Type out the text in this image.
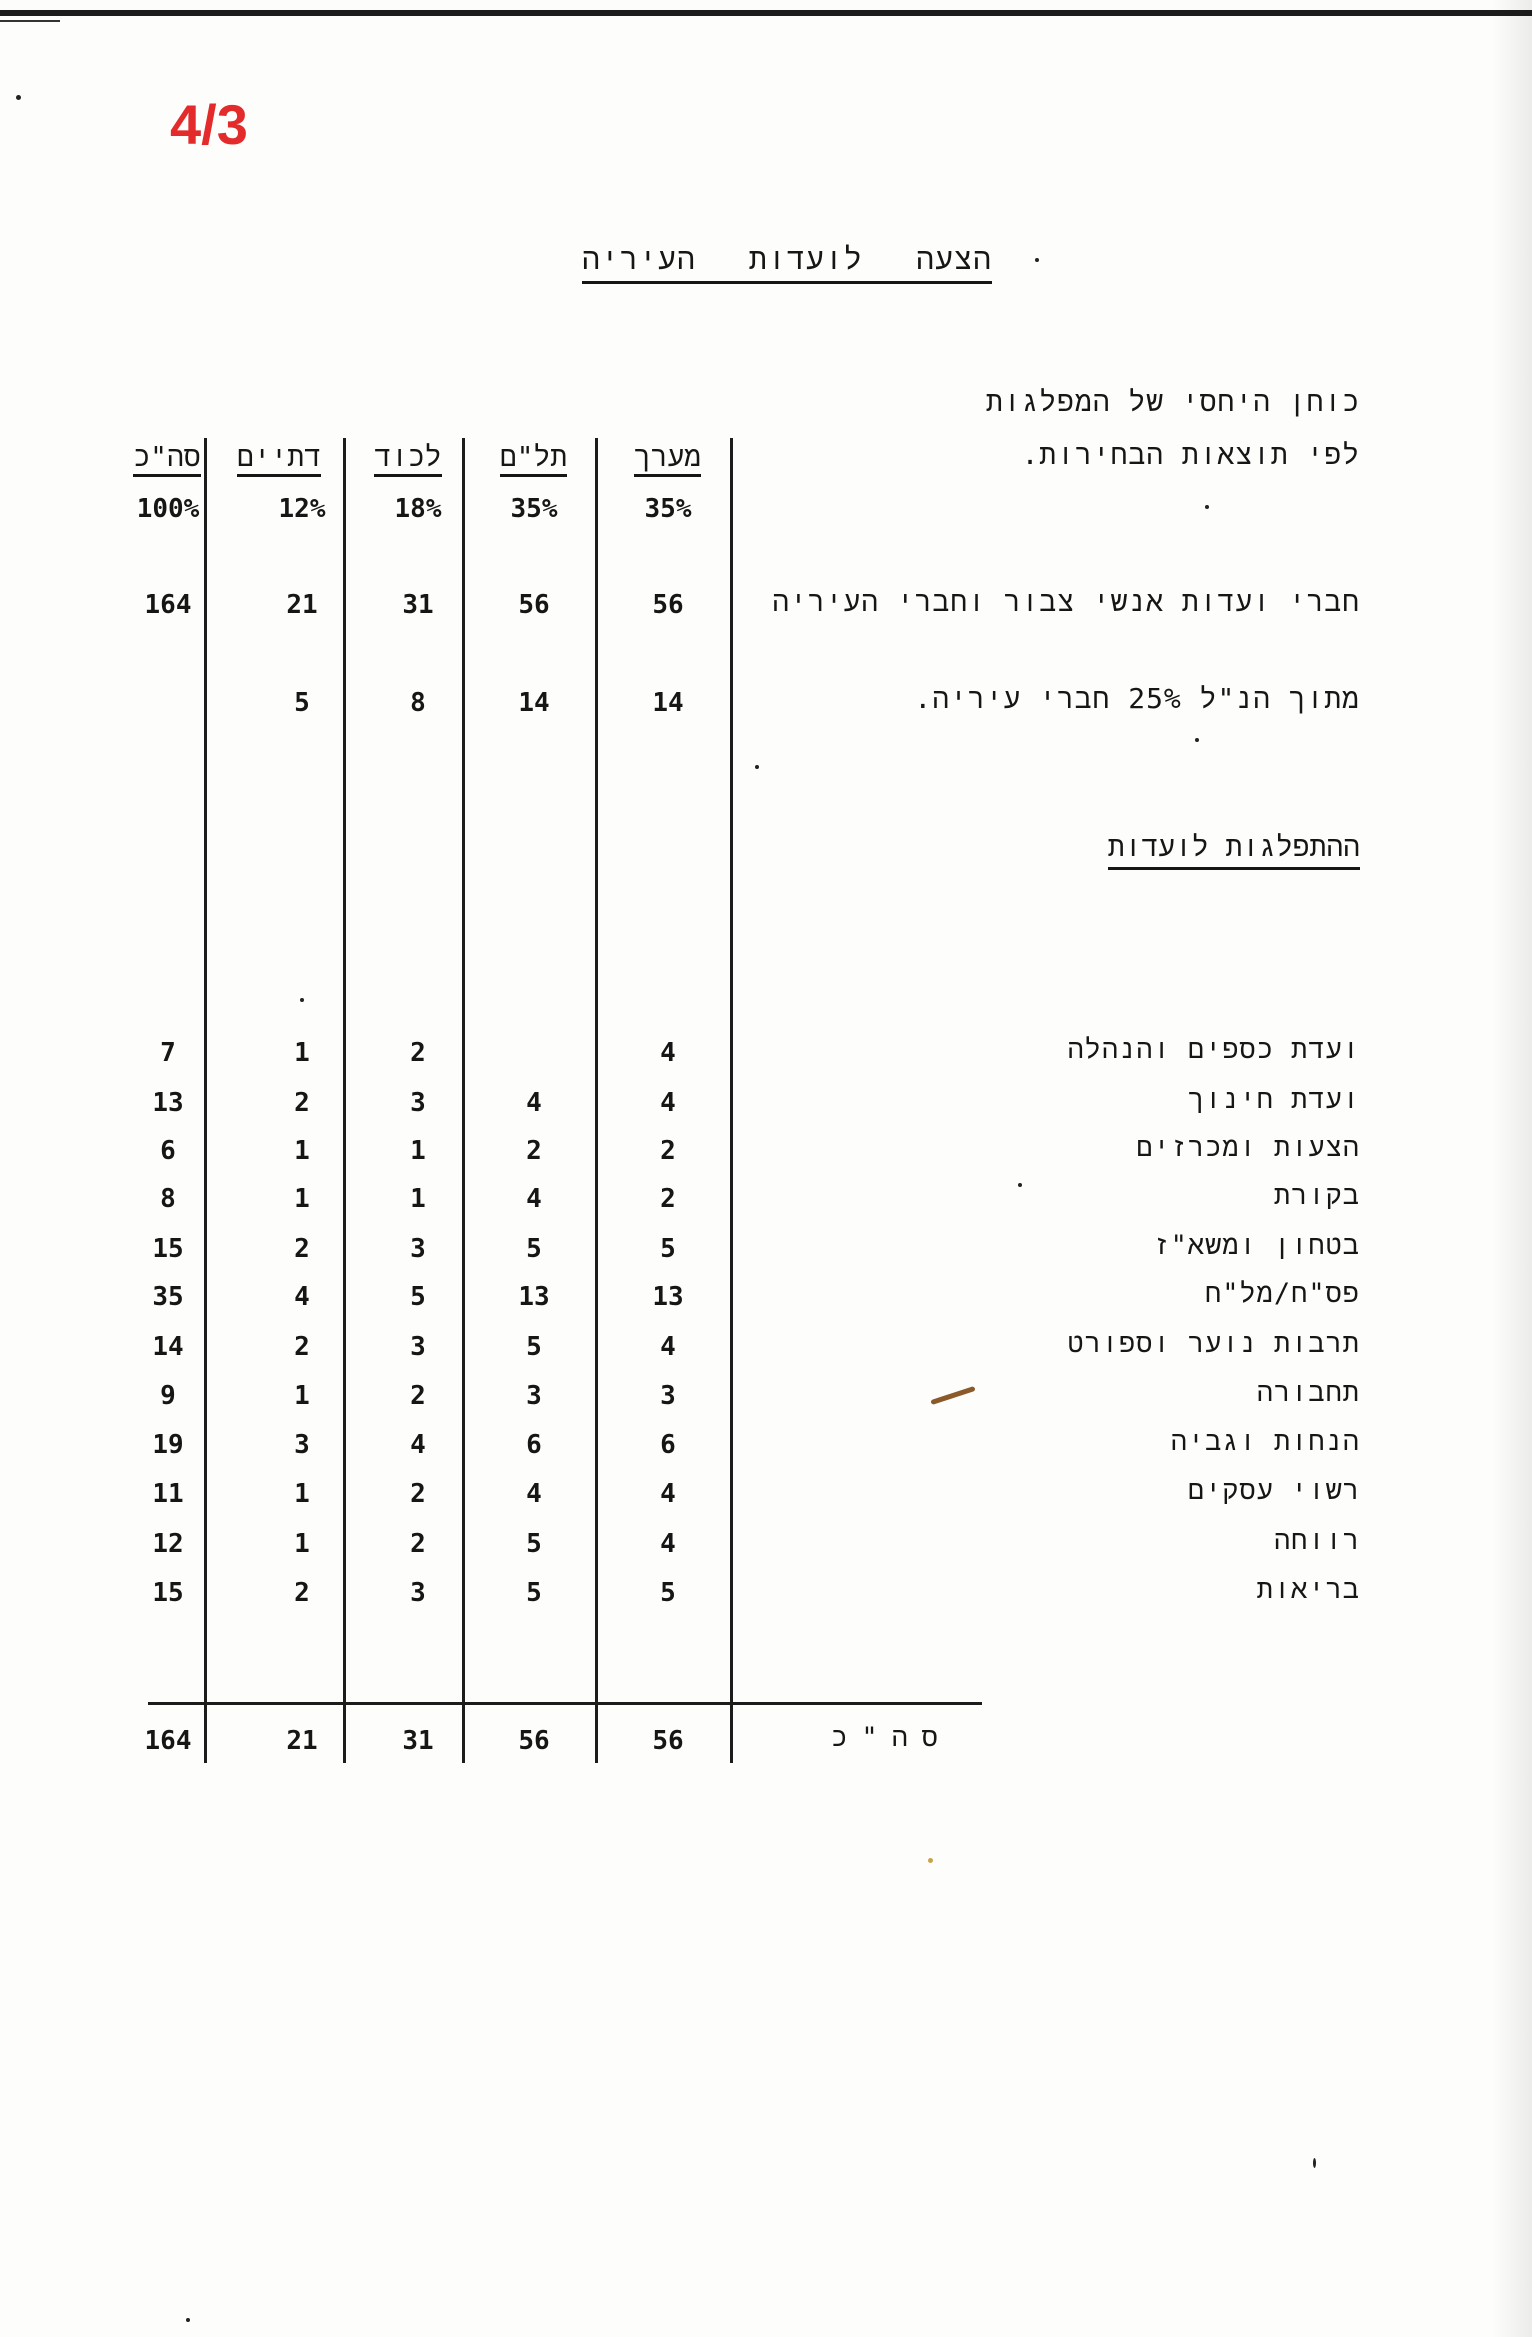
4/3
הצעה לועדות העיריה
כוחן היחסי של המפלגות
לפי תוצאות הבחירות.
חברי ועדות אנשי צבור וחברי העיריה
מתוך הנ"ל 25% חברי עיריה.
ההתפלגות לועדות
ועדת כספים והנהלה
ועדת חינוך
הצעות ומכרזים
בקורת
בטחון ומשא"ז
פס"ח/מל"ח
תרבות נוער וספורט
תחבורה
הנחות וגביה
רשוי עסקים
רווחה
בריאות
מערך
תל"ם
לכוד
דתיים
סה"כ
סה"כ
35%
35%
18%
12%
100%
56
56
31
21
164
14
14
8
5
4
2
1
7
4
4
3
2
13
2
2
1
1
6
2
4
1
1
8
5
5
3
2
15
13
13
5
4
35
4
5
3
2
14
3
3
2
1
9
6
6
4
3
19
4
4
2
1
11
4
5
2
1
12
5
5
3
2
15
56
56
31
21
164
